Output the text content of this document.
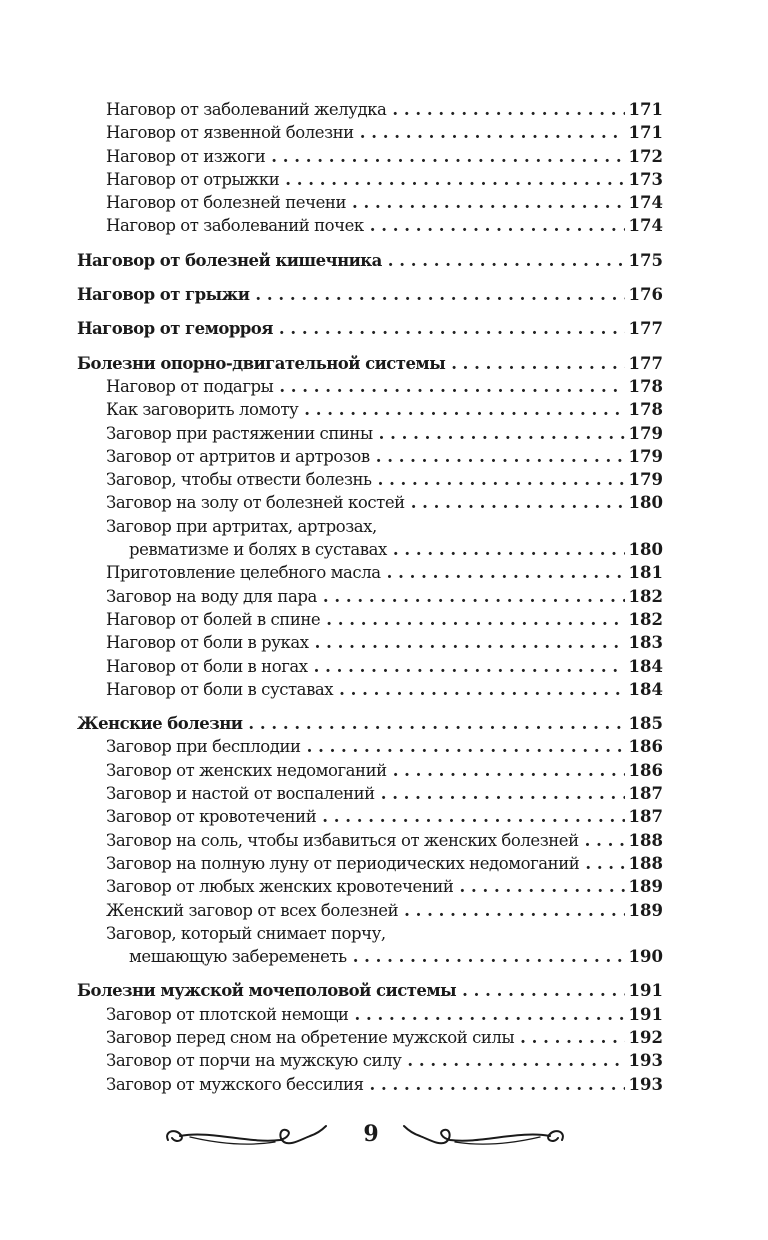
Наговор от заболеваний желудка . . .	171
Наговор от язвенной болезни . . .	171
Наговор от изжоги . . .	172
Наговор от отрыжки . . .	173
Наговор от болезней печени . . .	174
Наговор от заболеваний почек . . .	174
Наговор от болезней кишечника . . .	175
Наговор от грыжи . . .	176
Наговор от геморроя . . .	177
Болезни опорно-двигательной системы . . .	177
Наговор от подагры . . .	178
Как заговорить ломоту . . .	178
Заговор при растяжении спины . . .	179
Заговор от артритов и артрозов . . .	179
Заговор, чтобы отвести болезнь . . .	179
Заговор на золу от болезней костей . . .	180
Заговор при артритах, артрозах,
ревматизме и болях в суставах . . .	180
Приготовление целебного масла . . .	181
Заговор на воду для пара . . .	182
Наговор от болей в спине . . .	182
Наговор от боли в руках . . .	183
Наговор от боли в ногах . . .	184
Наговор от боли в суставах . . .	184
Женские болезни . . .	185
Заговор при бесплодии . . .	186
Заговор от женских недомоганий . . .	186
Заговор и настой от воспалений . . .	187
Заговор от кровотечений . . .	187
Заговор на соль, чтобы избавиться от женских болезней . . .	188
Заговор на полную луну от периодических недомоганий . . .	188
Заговор от любых женских кровотечений . . .	189
Женский заговор от всех болезней . . .	189
Заговор, который снимает порчу,
мешающую забеременеть . . .	190
Болезни мужской мочеполовой системы . . .	191
Заговор от плотской немощи . . .	191
Заговор перед сном на обретение мужской силы . . .	192
Заговор от порчи на мужскую силу . . .	193
Заговор от мужского бессилия . . .	193
9
